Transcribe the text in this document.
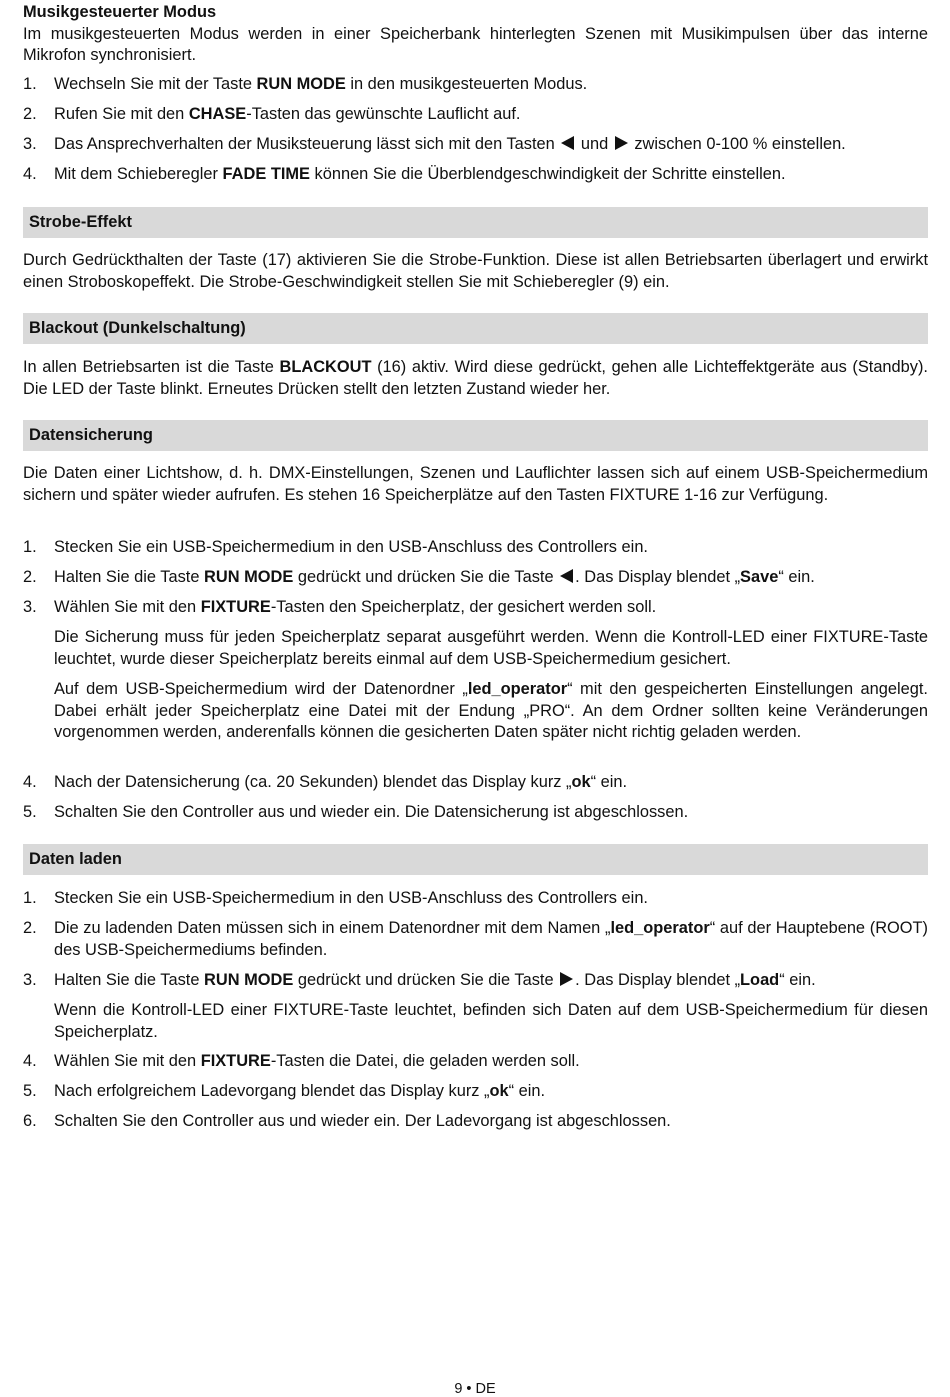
Musikgesteuerter Modus

Im musikgesteuerten Modus werden in einer Speicherbank hinterlegten Szenen mit Musikimpulsen über das interne Mikrofon synchronisiert.

1.	Wechseln Sie mit der Taste RUN MODE in den musikgesteuerten Modus.
2.	Rufen Sie mit den CHASE-Tasten das gewünschte Lauflicht auf.
3.	Das Ansprechverhalten der Musiksteuerung lässt sich mit den Tasten  und  zwischen 0-100 % einstellen.
4.	Mit dem Schieberegler FADE TIME können Sie die Überblendgeschwindigkeit der Schritte einstellen.
Strobe-Effekt

Durch Gedrückthalten der Taste (17) aktivieren Sie die Strobe-Funktion. Diese ist allen Betriebsarten überlagert und erwirkt einen Stroboskopeffekt. Die Strobe-Geschwindigkeit stellen Sie mit Schieberegler (9) ein.

Blackout (Dunkelschaltung)

In allen Betriebsarten ist die Taste BLACKOUT (16) aktiv. Wird diese gedrückt, gehen alle Lichteffektgeräte aus (Standby). Die LED der Taste blinkt. Erneutes Drücken stellt den letzten Zustand wieder her.

Datensicherung

Die Daten einer Lichtshow, d. h. DMX-Einstellungen, Szenen und Lauflichter lassen sich auf einem USB-Speichermedium sichern und später wieder aufrufen. Es stehen 16 Speicherplätze auf den Tasten FIXTURE 1-16 zur Verfügung.

1.	Stecken Sie ein USB-Speichermedium in den USB-Anschluss des Controllers ein.
2.	Halten Sie die Taste RUN MODE gedrückt und drücken Sie die Taste . Das Display blendet „Save“ ein.
3.	Wählen Sie mit den FIXTURE-Tasten den Speicherplatz, der gesichert werden soll.

Die Sicherung muss für jeden Speicherplatz separat ausgeführt werden. Wenn die Kontroll-LED einer FIXTURE-Taste leuchtet, wurde dieser Speicherplatz bereits einmal auf dem USB-Speichermedium gesichert.

Auf dem USB-Speichermedium wird der Datenordner „led_operator“ mit den gespeicherten Einstellungen angelegt. Dabei erhält jeder Speicherplatz eine Datei mit der Endung „PRO“. An dem Ordner sollten keine Veränderungen vorgenommen werden, anderenfalls können die gesicherten Daten später nicht richtig geladen werden.

4.	Nach der Datensicherung (ca. 20 Sekunden) blendet das Display kurz „ok“ ein.
5.	Schalten Sie den Controller aus und wieder ein. Die Datensicherung ist abgeschlossen.
Daten laden
1.	Stecken Sie ein USB-Speichermedium in den USB-Anschluss des Controllers ein.
2.	Die zu ladenden Daten müssen sich in einem Datenordner mit dem Namen „led_operator“ auf der Hauptebene (ROOT) des USB-Speichermediums befinden.
3.	Halten Sie die Taste RUN MODE gedrückt und drücken Sie die Taste . Das Display blendet „Load“ ein.

Wenn die Kontroll-LED einer FIXTURE-Taste leuchtet, befinden sich Daten auf dem USB-Speichermedium für diesen Speicherplatz.

4.	Wählen Sie mit den FIXTURE-Tasten die Datei, die geladen werden soll.
5.	Nach erfolgreichem Ladevorgang blendet das Display kurz „ok“ ein.
6.	Schalten Sie den Controller aus und wieder ein. Der Ladevorgang ist abgeschlossen.
9 • DE
